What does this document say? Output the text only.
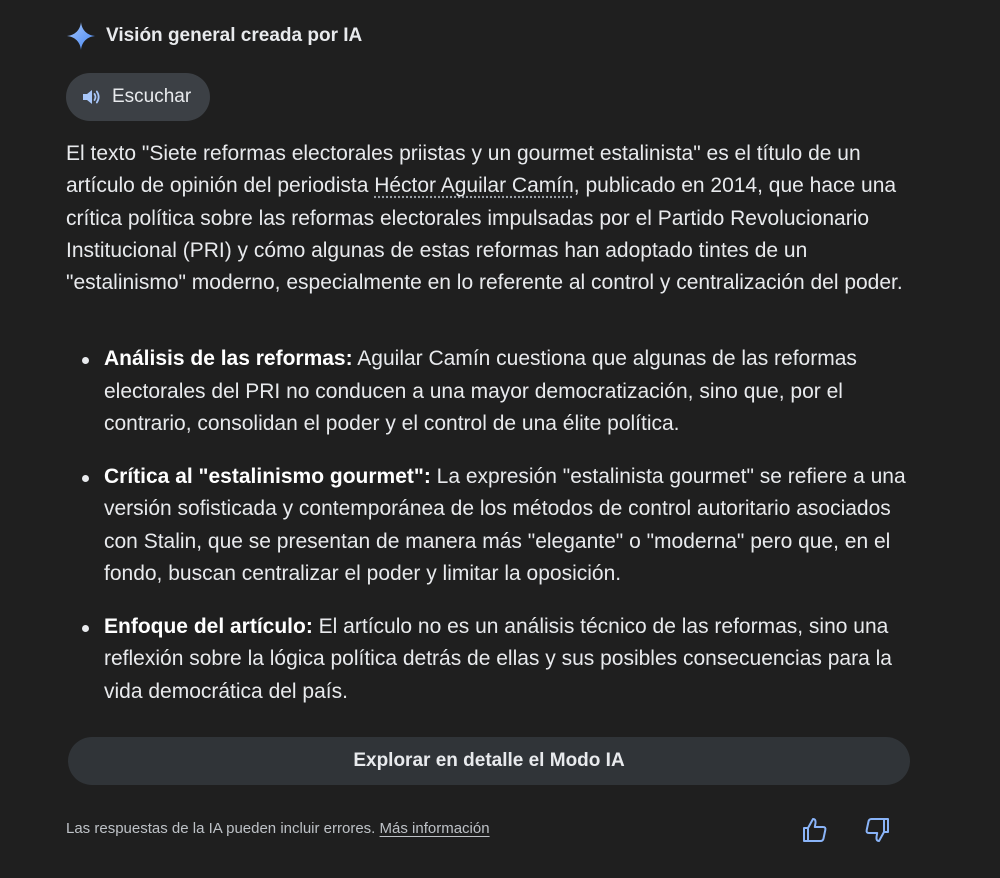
Visión general creada por IA
Escuchar

El texto "Siete reformas electorales priistas y un gourmet estalinista" es el título de un artículo de opinión del periodista Héctor Aguilar Camín, publicado en 2014, que hace una crítica política sobre las reformas electorales impulsadas por el Partido Revolucionario Institucional (PRI) y cómo algunas de estas reformas han adoptado tintes de un "estalinismo" moderno, especialmente en lo referente al control y centralización del poder.

Análisis de las reformas: Aguilar Camín cuestiona que algunas de las reformas electorales del PRI no conducen a una mayor democratización, sino que, por el contrario, consolidan el poder y el control de una élite política.
Crítica al "estalinismo gourmet": La expresión "estalinista gourmet" se refiere a una versión sofisticada y contemporánea de los métodos de control autoritario asociados con Stalin, que se presentan de manera más "elegante" o "moderna" pero que, en el fondo, buscan centralizar el poder y limitar la oposición.
Enfoque del artículo: El artículo no es un análisis técnico de las reformas, sino una reflexión sobre la lógica política detrás de ellas y sus posibles consecuencias para la vida democrática del país.
Explorar en detalle el Modo IA
Las respuestas de la IA pueden incluir errores. Más información
